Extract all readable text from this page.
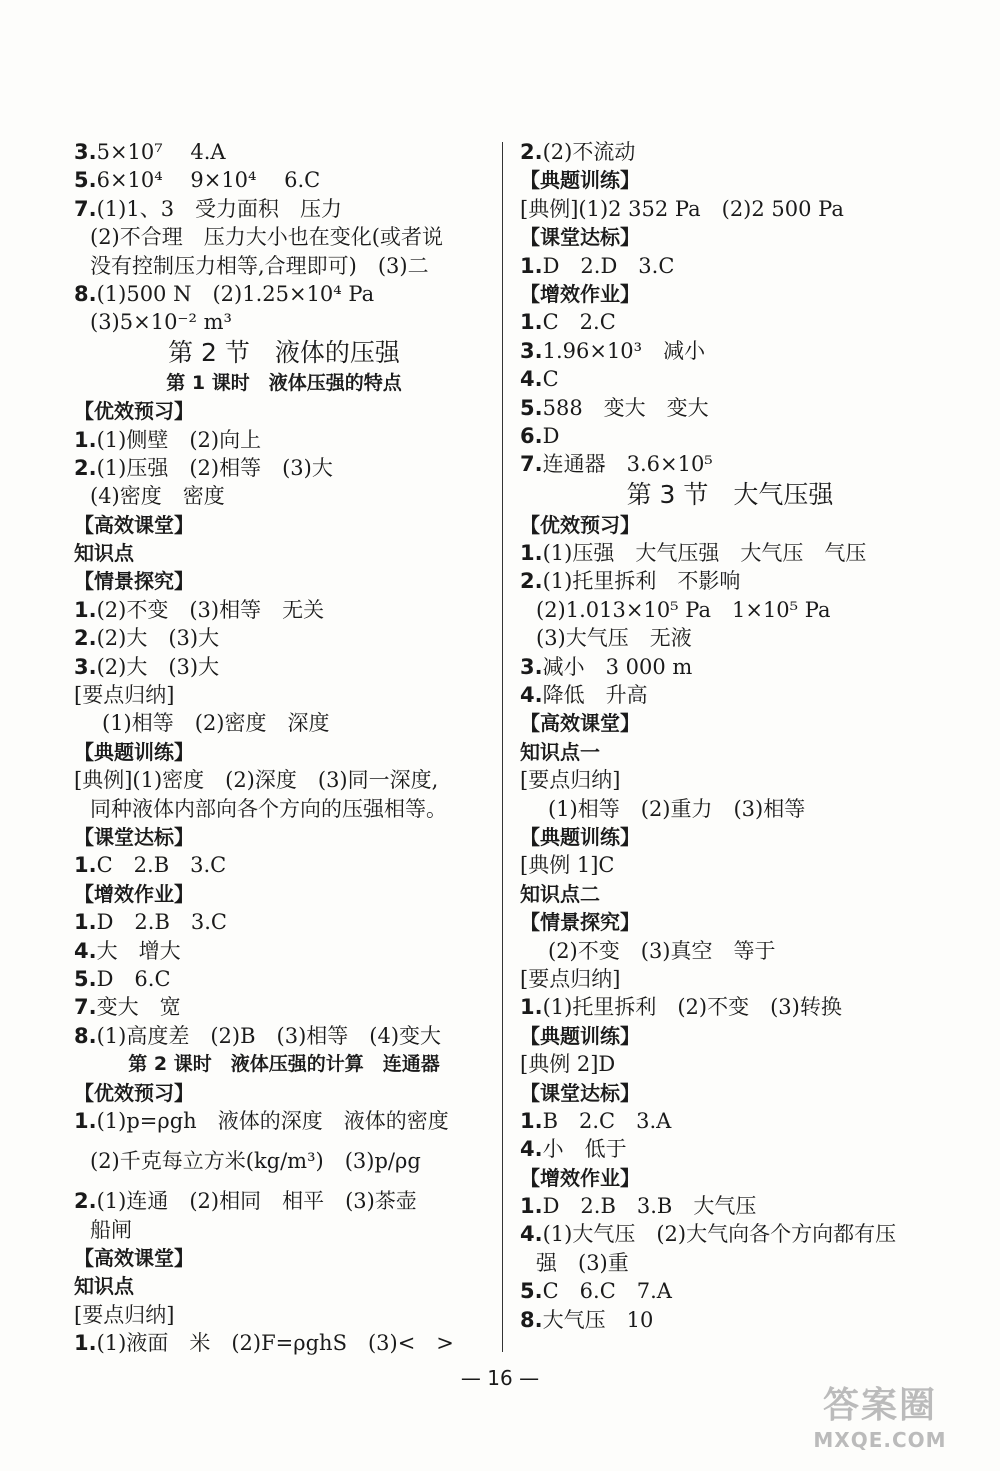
3.5×10⁷　 4.A
5.6×10⁴　 9×10⁴　 6.C
7.(1)1、3　受力面积　压力
(2)不合理　压力大小也在变化(或者说
没有控制压力相等,合理即可)　(3)二
8.(1)500 N　(2)1.25×10⁴ Pa
(3)5×10⁻² m³
第 2 节　液体的压强
第 1 课时　液体压强的特点
【优效预习】
1.(1)侧壁　(2)向上
2.(1)压强　(2)相等　(3)大
(4)密度　密度
【高效课堂】
知识点
【情景探究】
1.(2)不变　(3)相等　无关
2.(2)大　(3)大
3.(2)大　(3)大
[要点归纳]
(1)相等　(2)密度　深度
【典题训练】
[典例](1)密度　(2)深度　(3)同一深度,
同种液体内部向各个方向的压强相等。
【课堂达标】
1.C　2.B　3.C
【增效作业】
1.D　2.B　3.C
4.大　增大
5.D　6.C
7.变大　宽
8.(1)高度差　(2)B　(3)相等　(4)变大
第 2 课时　液体压强的计算　连通器
【优效预习】
1.(1)p=ρgh　液体的深度　液体的密度
(2)千克每立方米(kg/m³)　(3)p/ρg
2.(1)连通　(2)相同　相平　(3)茶壶
船闸
【高效课堂】
知识点
[要点归纳]
1.(1)液面　米　(2)F=ρghS　(3)<　>
2.(2)不流动
【典题训练】
[典例](1)2 352 Pa　(2)2 500 Pa
【课堂达标】
1.D　2.D　3.C
【增效作业】
1.C　2.C
3.1.96×10³　减小
4.C
5.588　变大　变大
6.D
7.连通器　3.6×10⁵
第 3 节　大气压强
【优效预习】
1.(1)压强　大气压强　大气压　气压
2.(1)托里拆利　不影响
(2)1.013×10⁵ Pa　1×10⁵ Pa
(3)大气压　无液
3.减小　3 000 m
4.降低　升高
【高效课堂】
知识点一
[要点归纳]
(1)相等　(2)重力　(3)相等
【典题训练】
[典例 1]C
知识点二
【情景探究】
(2)不变　(3)真空　等于
[要点归纳]
1.(1)托里拆利　(2)不变　(3)转换
【典题训练】
[典例 2]D
【课堂达标】
1.B　2.C　3.A
4.小　低于
【增效作业】
1.D　2.B　3.B　大气压
4.(1)大气压　(2)大气向各个方向都有压
强　(3)重
5.C　6.C　7.A
8.大气压　10
— 16 —
答案圈
MXQE.COM
